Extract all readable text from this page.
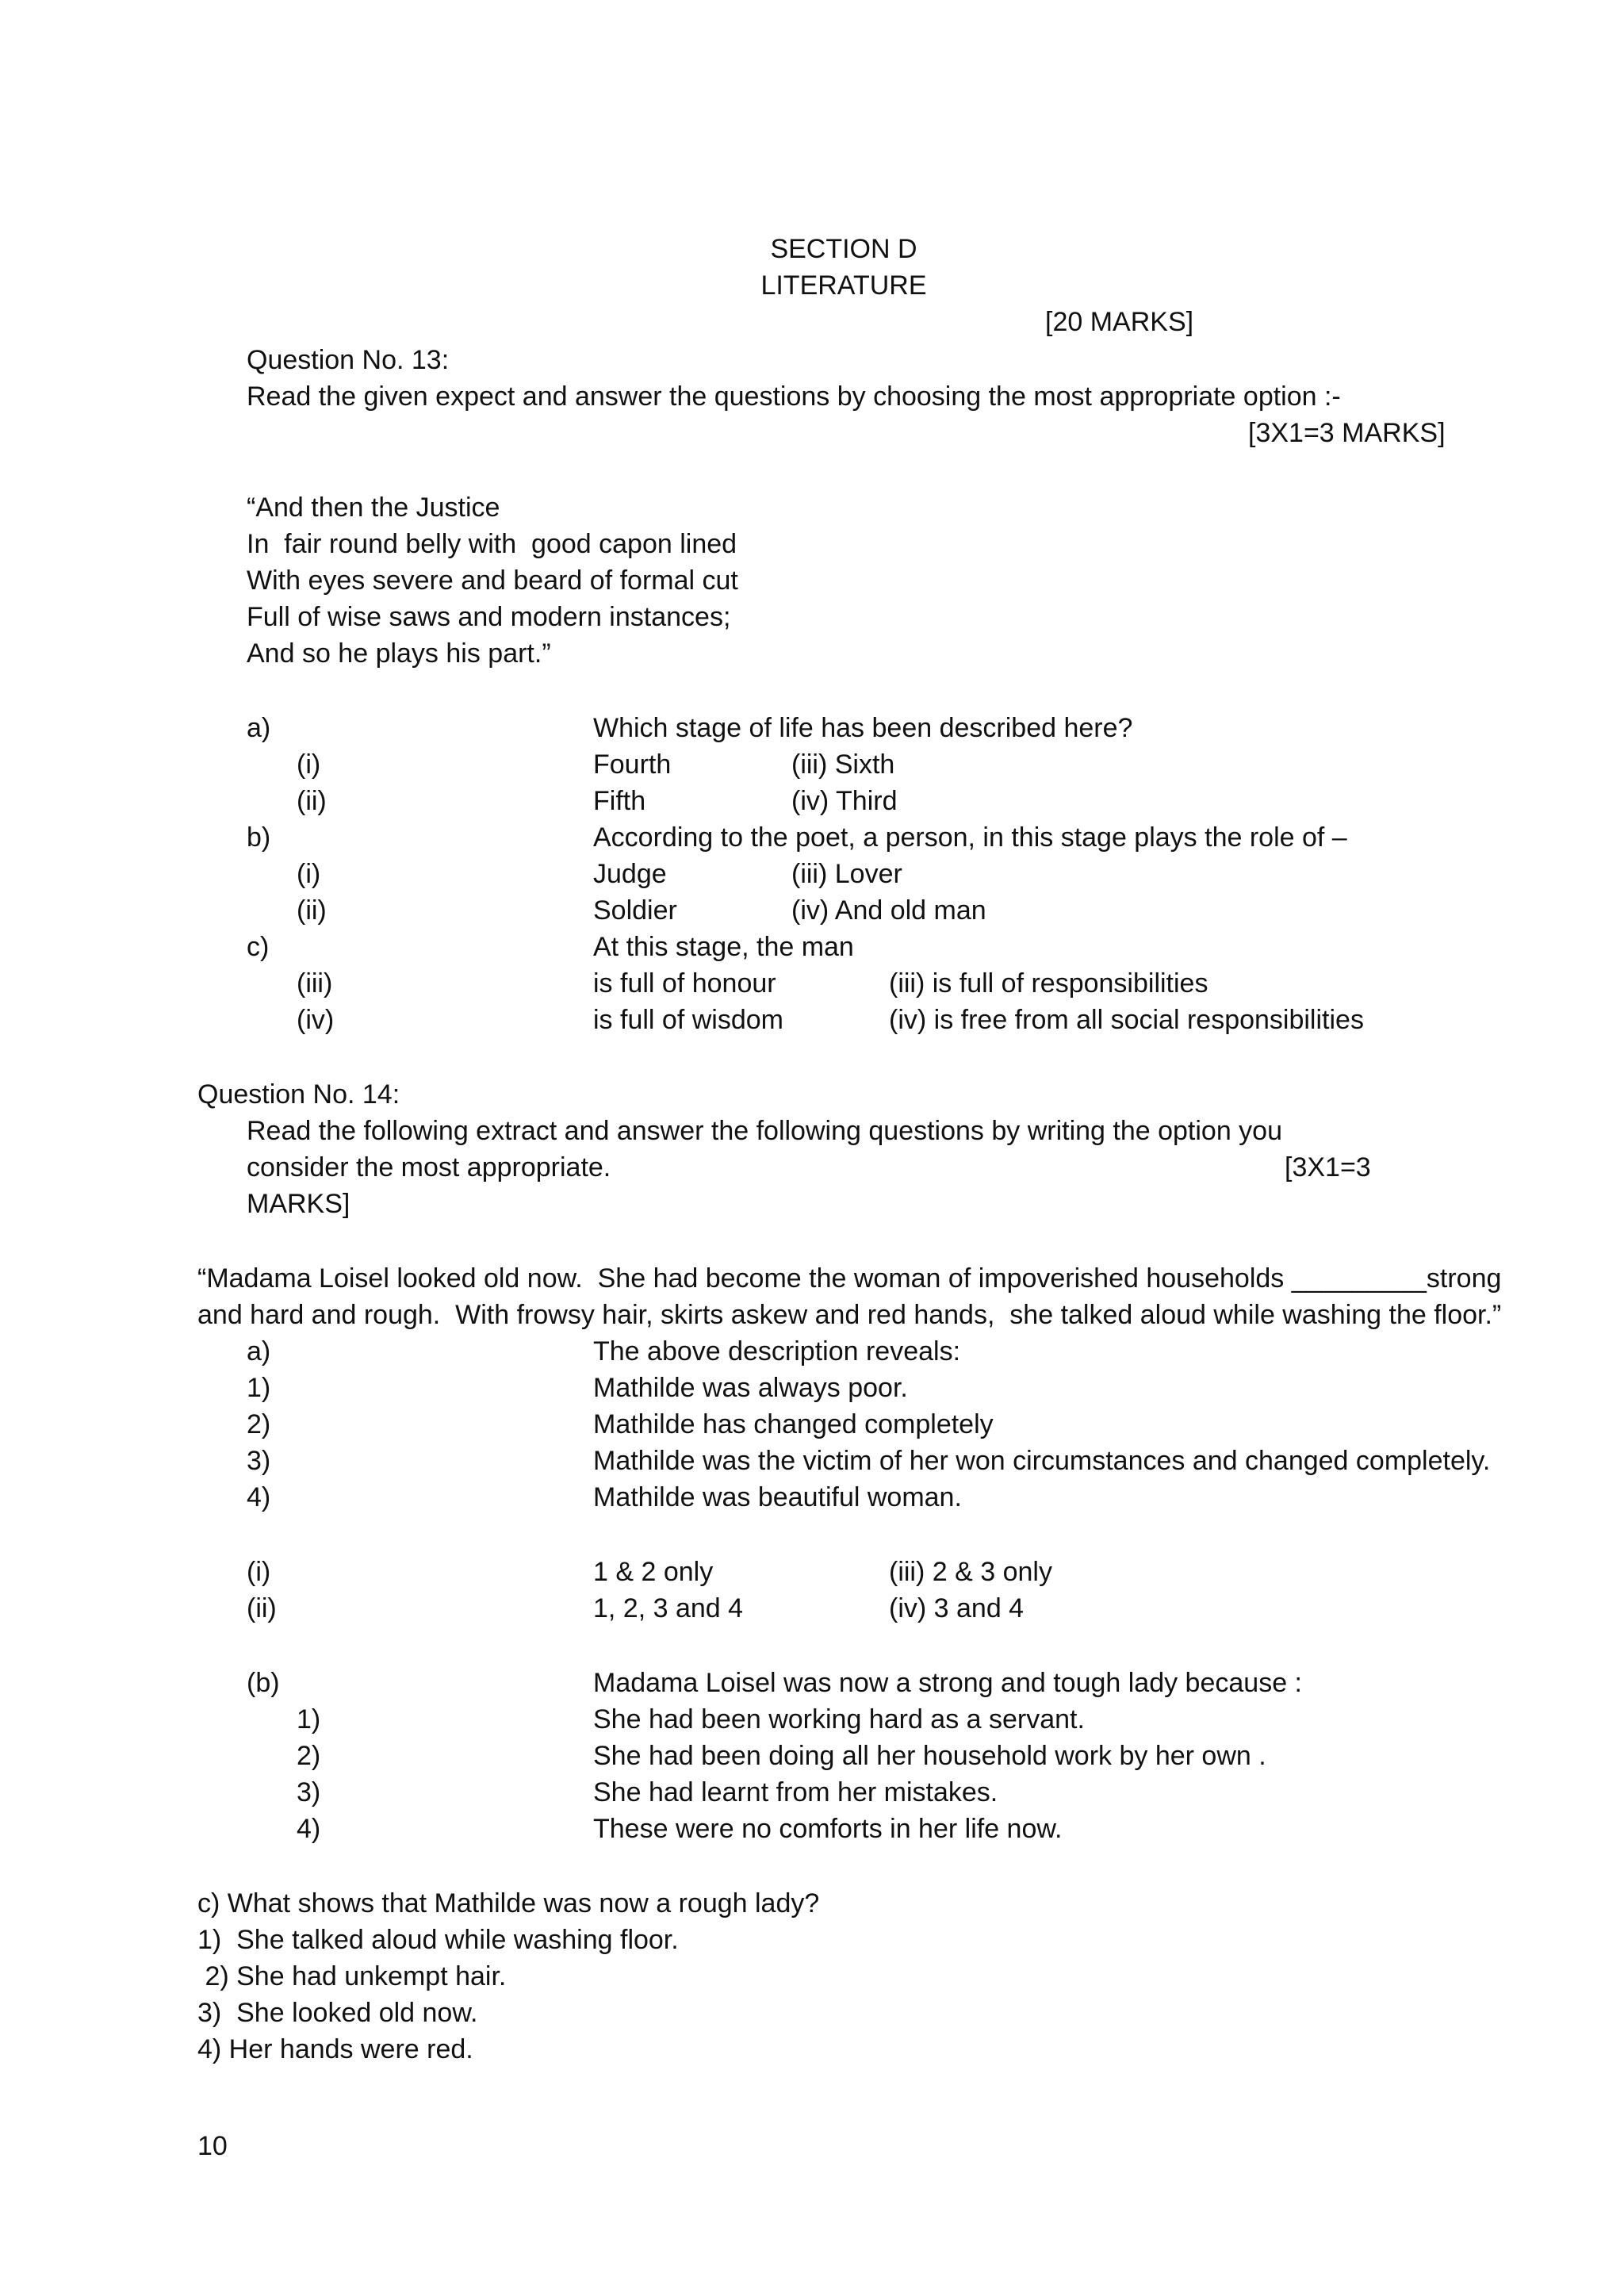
SECTION D
LITERATURE
[20 MARKS]
Question No. 13:
Read the given expect and answer the questions by choosing the most appropriate option :-
[3X1=3 MARKS]
“And then the Justice
In  fair round belly with  good capon lined
With eyes severe and beard of formal cut
Full of wise saws and modern instances;
And so he plays his part.”
a)	Which stage of life has been described here?
(i)	Fourth	(iii) Sixth
(ii)	Fifth	(iv) Third
b)	According to the poet, a person, in this stage plays the role of –
(i)	Judge	(iii) Lover
(ii)	Soldier	(iv) And old man
c)	At this stage, the man
(iii)	is full of honour	(iii) is full of responsibilities
(iv)	is full of wisdom	(iv) is free from all social responsibilities
Question No. 14:
Read the following extract and answer the following questions by writing the option you
consider the most appropriate.	[3X1=3
MARKS]
“Madama Loisel looked old now.  She had become the woman of impoverished households _________strong
and hard and rough.  With frowsy hair, skirts askew and red hands,  she talked aloud while washing the floor.”
a)	The above description reveals:
1)	Mathilde was always poor.
2)	Mathilde has changed completely
3)	Mathilde was the victim of her won circumstances and changed completely.
4)	Mathilde was beautiful woman.
(i)	1 & 2 only	(iii) 2 & 3 only
(ii)	1, 2, 3 and 4	(iv) 3 and 4
(b)	Madama Loisel was now a strong and tough lady because :
1)	She had been working hard as a servant.
2)	She had been doing all her household work by her own .
3)	She had learnt from her mistakes.
4)	These were no comforts in her life now.
c) What shows that Mathilde was now a rough lady?
1)  She talked aloud while washing floor.
2) She had unkempt hair.
3)  She looked old now.
4) Her hands were red.
10
